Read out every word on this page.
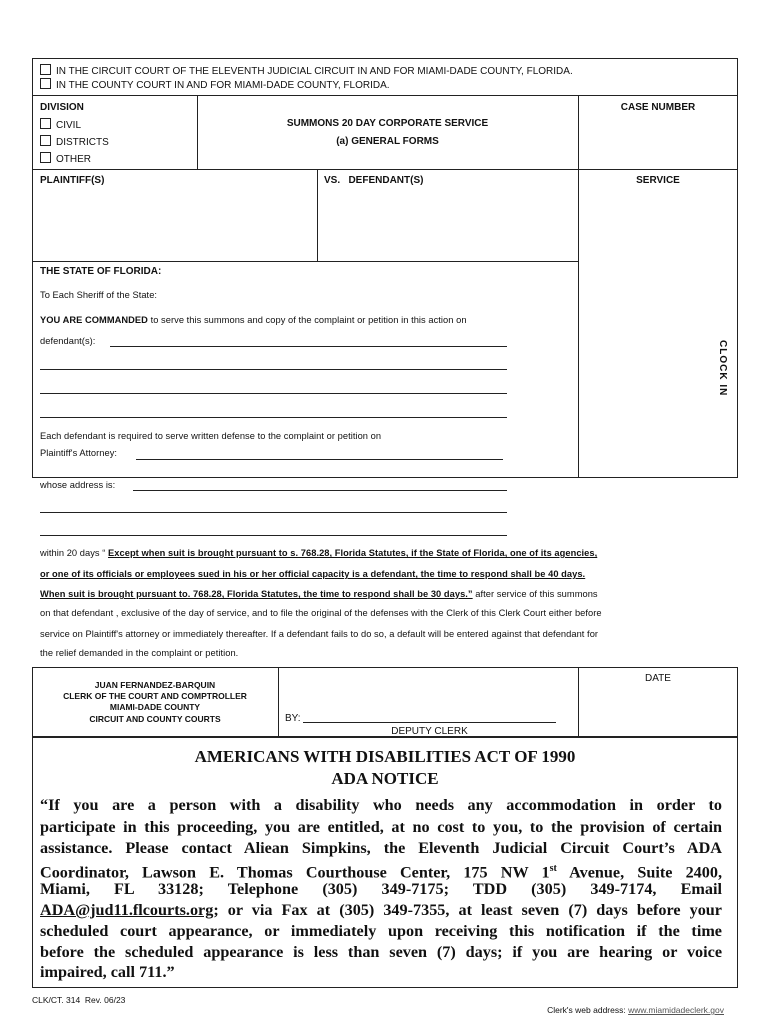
IN THE CIRCUIT COURT OF THE ELEVENTH JUDICIAL CIRCUIT IN AND FOR MIAMI-DADE COUNTY, FLORIDA.
IN THE COUNTY COURT IN AND FOR MIAMI-DADE COUNTY, FLORIDA.
DIVISION
CIVIL
DISTRICTS
OTHER
SUMMONS 20 DAY CORPORATE SERVICE
(a) GENERAL FORMS
CASE NUMBER
PLAINTIFF(S)	VS.   DEFENDANT(S)	SERVICE
CLOCK IN
THE STATE OF FLORIDA:
To Each Sheriff of the State:
YOU ARE COMMANDED to serve this summons and copy of the complaint or petition in this action on
defendant(s):
Each defendant is required to serve written defense to the complaint or petition on
Plaintiff's Attorney:
whose address is:
within 20 days “ Except when suit is brought pursuant to s. 768.28, Florida Statutes, if the State of Florida, one of its agencies,
or one of its officials or employees sued in his or her official capacity is a defendant, the time to respond shall be 40 days.
When suit is brought pursuant to. 768.28, Florida Statutes, the time to respond shall be 30 days.” after service of this summons
on that defendant , exclusive of the day of service, and to file the original of the defenses with the Clerk of this Clerk Court either before
service on Plaintiff's attorney or immediately thereafter. If a defendant fails to do so, a default will be entered against that defendant for
the relief demanded in the complaint or petition.
JUAN FERNANDEZ-BARQUIN
CLERK OF THE COURT AND COMPTROLLER
MIAMI-DADE COUNTY
CIRCUIT AND COUNTY COURTS	BY:
DEPUTY CLERK
DATE
AMERICANS WITH DISABILITIES ACT OF 1990
ADA NOTICE
“If you are a person with a disability who needs any accommodation in order to
participate in this proceeding, you are entitled, at no cost to you, to the provision of certain
assistance. Please contact Aliean Simpkins, the Eleventh Judicial Circuit Court’s ADA
Coordinator, Lawson E. Thomas Courthouse Center, 175 NW 1st Avenue, Suite 2400,
Miami,  FL  33128;  Telephone  (305)  349-7175;  TDD  (305)  349-7174,  Email
ADA@jud11.flcourts.org; or via Fax at (305) 349-7355, at least seven (7) days before your
scheduled court appearance, or immediately upon receiving this notification if the time
before the scheduled appearance is less than seven (7) days; if you are hearing or voice
impaired, call 711.”
CLK/CT. 314  Rev. 06/23

Clerk's web address: www.miamidadeclerk.gov
